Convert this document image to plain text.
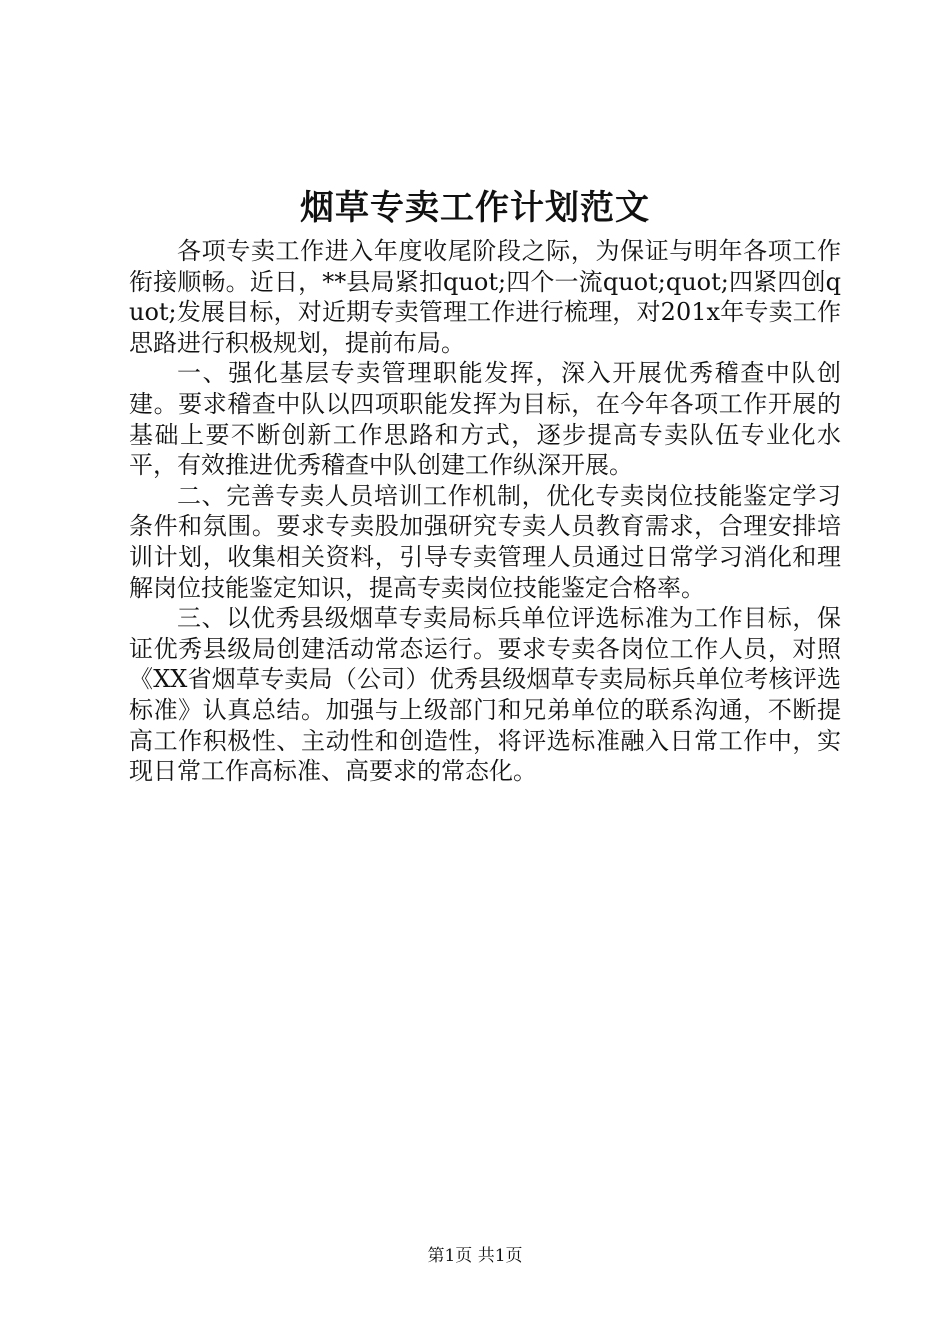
烟草专卖工作计划范文

各项专卖工作进入年度收尾阶段之际，为保证与明年各项工作衔接顺畅。近日，**县局紧扣quot;四个一流quot;quot;四紧四创quot;发展目标，对近期专卖管理工作进行梳理，对201x年专卖工作思路进行积极规划，提前布局。

一、强化基层专卖管理职能发挥，深入开展优秀稽查中队创建。要求稽查中队以四项职能发挥为目标，在今年各项工作开展的基础上要不断创新工作思路和方式，逐步提高专卖队伍专业化水平，有效推进优秀稽查中队创建工作纵深开展。

二、完善专卖人员培训工作机制，优化专卖岗位技能鉴定学习条件和氛围。要求专卖股加强研究专卖人员教育需求，合理安排培训计划，收集相关资料，引导专卖管理人员通过日常学习消化和理解岗位技能鉴定知识，提高专卖岗位技能鉴定合格率。

三、以优秀县级烟草专卖局标兵单位评选标准为工作目标，保证优秀县级局创建活动常态运行。要求专卖各岗位工作人员，对照《XX省烟草专卖局（公司）优秀县级烟草专卖局标兵单位考核评选标准》认真总结。加强与上级部门和兄弟单位的联系沟通，不断提高工作积极性、主动性和创造性，将评选标准融入日常工作中，实现日常工作高标准、高要求的常态化。

第1页 共1页
